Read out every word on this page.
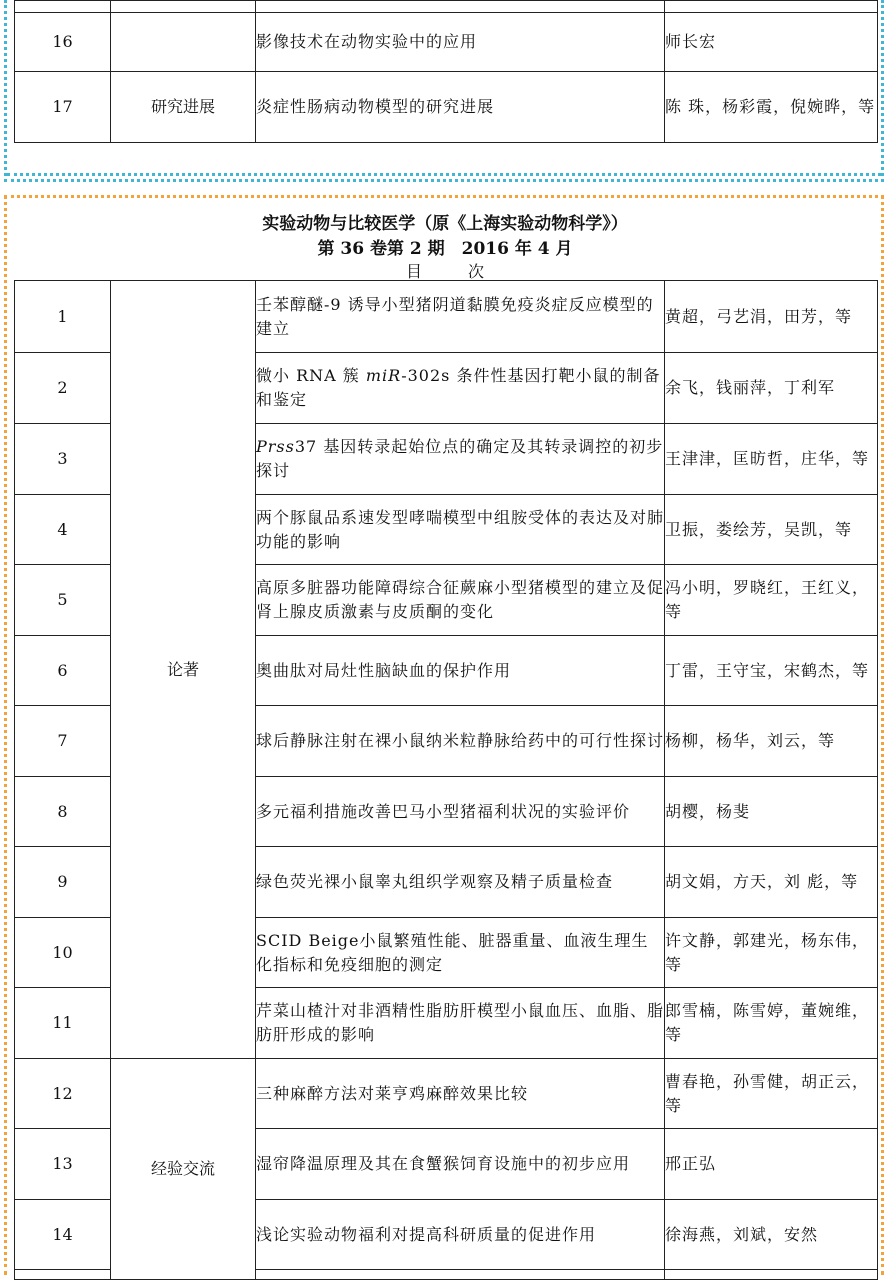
16		影像技术在动物实验中的应用	师长宏
17	研究进展	炎症性肠病动物模型的研究进展	陈 珠，杨彩霞，倪婉晔，等
实验动物与比较医学（原《上海实验动物科学》）
第 36 卷第 2 期　2016 年 4 月
目次
1	论著	壬苯醇醚-9 诱导小型猪阴道黏膜免疫炎症反应模型的建立	黄超，弓艺涓，田芳，等
2		微小 RNA 簇 miR-302s 条件性基因打靶小鼠的制备和鉴定	余飞，钱丽萍，丁利军
3		Prss37 基因转录起始位点的确定及其转录调控的初步探讨	王津津，匡昉哲，庄华，等
4		两个豚鼠品系速发型哮喘模型中组胺受体的表达及对肺功能的影响	卫振，娄绘芳，吴凯，等
5		高原多脏器功能障碍综合征蕨麻小型猪模型的建立及促肾上腺皮质激素与皮质酮的变化	冯小明，罗晓红，王红义，等
6		奥曲肽对局灶性脑缺血的保护作用	丁雷，王守宝，宋鹤杰，等
7		球后静脉注射在裸小鼠纳米粒静脉给药中的可行性探讨	杨柳，杨华，刘云，等
8		多元福利措施改善巴马小型猪福利状况的实验评价	胡樱，杨斐
9		绿色荧光裸小鼠睾丸组织学观察及精子质量检查	胡文娟，方天，刘 彪，等
10		SCID Beige小鼠繁殖性能、脏器重量、血液生理生化指标和免疫细胞的测定	许文静，郭建光，杨东伟，等
11		芹菜山楂汁对非酒精性脂肪肝模型小鼠血压、血脂、脂肪肝形成的影响	郎雪楠，陈雪婷，董婉维，等
12	经验交流	三种麻醉方法对莱亨鸡麻醉效果比较	曹春艳，孙雪健，胡正云，等
13		湿帘降温原理及其在食蟹猴饲育设施中的初步应用	邢正弘
14		浅论实验动物福利对提高科研质量的促进作用	徐海燕，刘斌，安然
